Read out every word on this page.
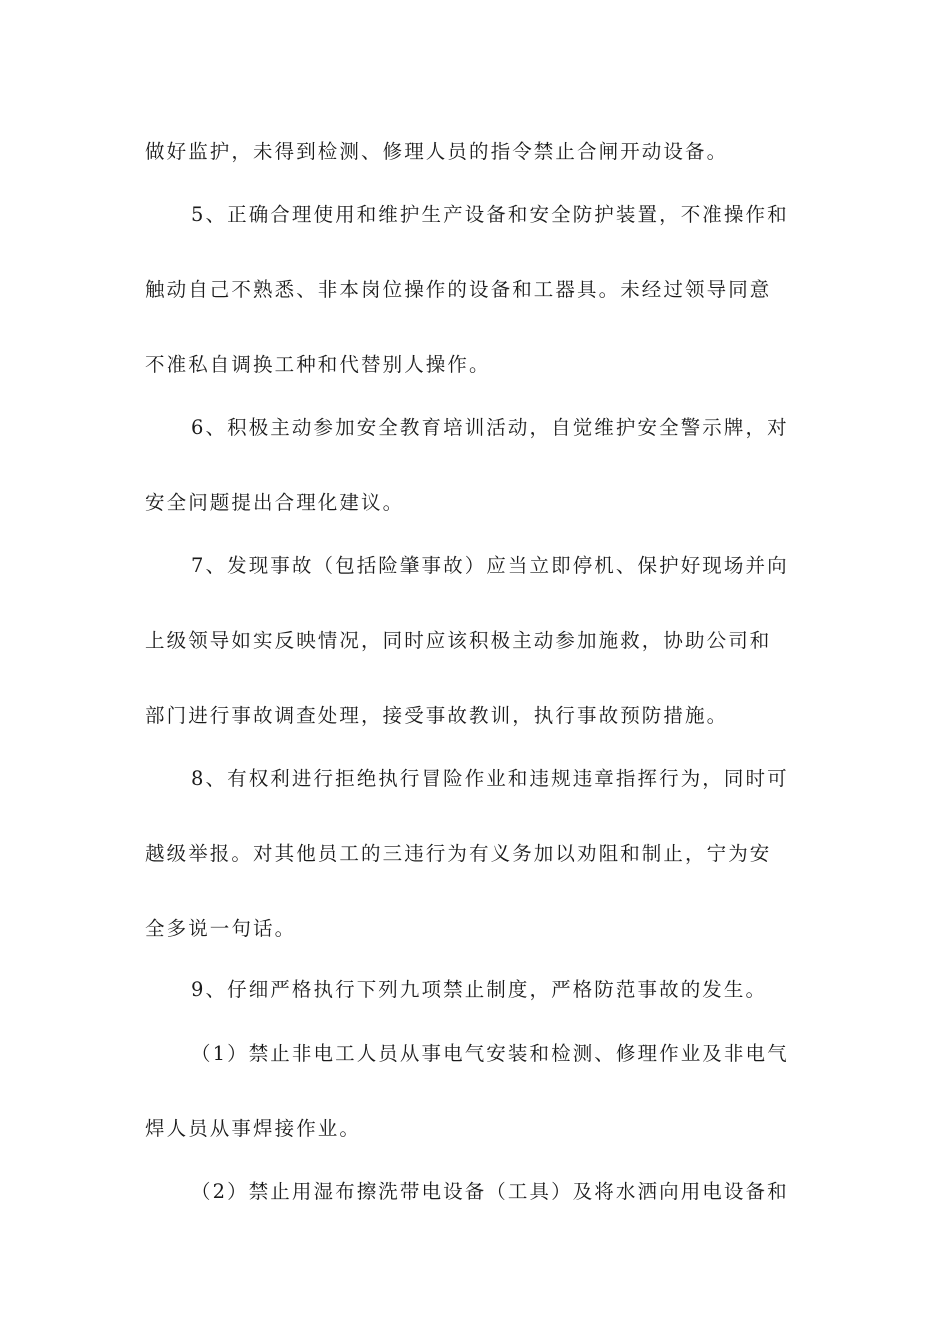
做好监护，未得到检测、修理人员的指令禁止合闸开动设备。
5、正确合理使用和维护生产设备和安全防护装置，不准操作和
触动自己不熟悉、非本岗位操作的设备和工器具。未经过领导同意
不准私自调换工种和代替别人操作。
6、积极主动参加安全教育培训活动，自觉维护安全警示牌，对
安全问题提出合理化建议。
7、发现事故（包括险肇事故）应当立即停机、保护好现场并向
上级领导如实反映情况，同时应该积极主动参加施救，协助公司和
部门进行事故调查处理，接受事故教训，执行事故预防措施。
8、有权利进行拒绝执行冒险作业和违规违章指挥行为，同时可
越级举报。对其他员工的三违行为有义务加以劝阻和制止，宁为安
全多说一句话。
9、仔细严格执行下列九项禁止制度，严格防范事故的发生。
（1）禁止非电工人员从事电气安装和检测、修理作业及非电气
焊人员从事焊接作业。
（2）禁止用湿布擦洗带电设备（工具）及将水洒向用电设备和
